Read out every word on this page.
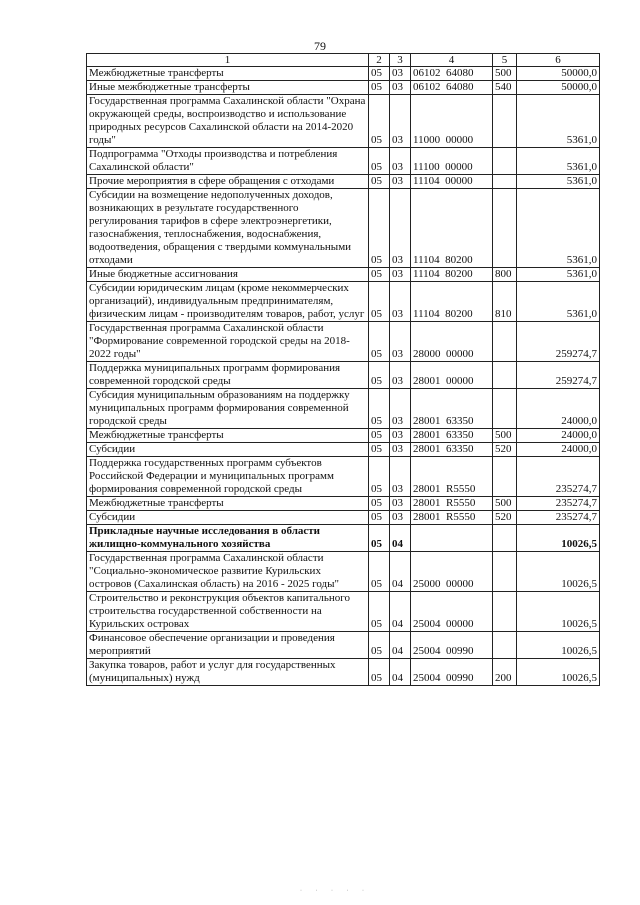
79
1	2	3	4	5	6
Межбюджетные трансферты	05	03	06102  64080	500	50000,0
Иные межбюджетные трансферты	05	03	06102  64080	540	50000,0
Государственная программа Сахалинской области "Охрана окружающей среды, воспроизводство и использование природных ресурсов Сахалинской области на 2014-2020 годы"	05	03	11000  00000		5361,0
Подпрограмма "Отходы производства и потребления Сахалинской области"	05	03	11100  00000		5361,0
Прочие мероприятия в сфере обращения с отходами	05	03	11104  00000		5361,0
Субсидии на возмещение недополученных доходов, возникающих в результате государственного регулирования тарифов в сфере электроэнергетики, газоснабжения, теплоснабжения, водоснабжения, водоотведения, обращения с твердыми коммунальными отходами	05	03	11104  80200		5361,0
Иные бюджетные ассигнования	05	03	11104  80200	800	5361,0
Субсидии юридическим лицам (кроме некоммерческих организаций), индивидуальным предпринимателям, физическим лицам - производителям товаров, работ, услуг	05	03	11104  80200	810	5361,0
Государственная программа Сахалинской области "Формирование современной городской среды на 2018-2022 годы"	05	03	28000  00000		259274,7
Поддержка муниципальных программ формирования современной городской среды	05	03	28001  00000		259274,7
Субсидия муниципальным образованиям на поддержку муниципальных программ формирования современной городской среды	05	03	28001  63350		24000,0
Межбюджетные трансферты	05	03	28001  63350	500	24000,0
Субсидии	05	03	28001  63350	520	24000,0
Поддержка государственных программ субъектов Российской Федерации и муниципальных программ формирования современной городской среды	05	03	28001  R5550		235274,7
Межбюджетные трансферты	05	03	28001  R5550	500	235274,7
Субсидии	05	03	28001  R5550	520	235274,7
Прикладные научные исследования в области жилищно-коммунального хозяйства	05	04			10026,5
Государственная программа Сахалинской области "Социально-экономическое развитие Курильских островов (Сахалинская область) на 2016 - 2025 годы"	05	04	25000  00000		10026,5
Строительство и реконструкция объектов капитального строительства государственной собственности на Курильских островах	05	04	25004  00000		10026,5
Финансовое обеспечение организации и проведения мероприятий	05	04	25004  00990		10026,5
Закупка товаров, работ и услуг для государственных (муниципальных) нужд	05	04	25004  00990	200	10026,5
· · · · ·
